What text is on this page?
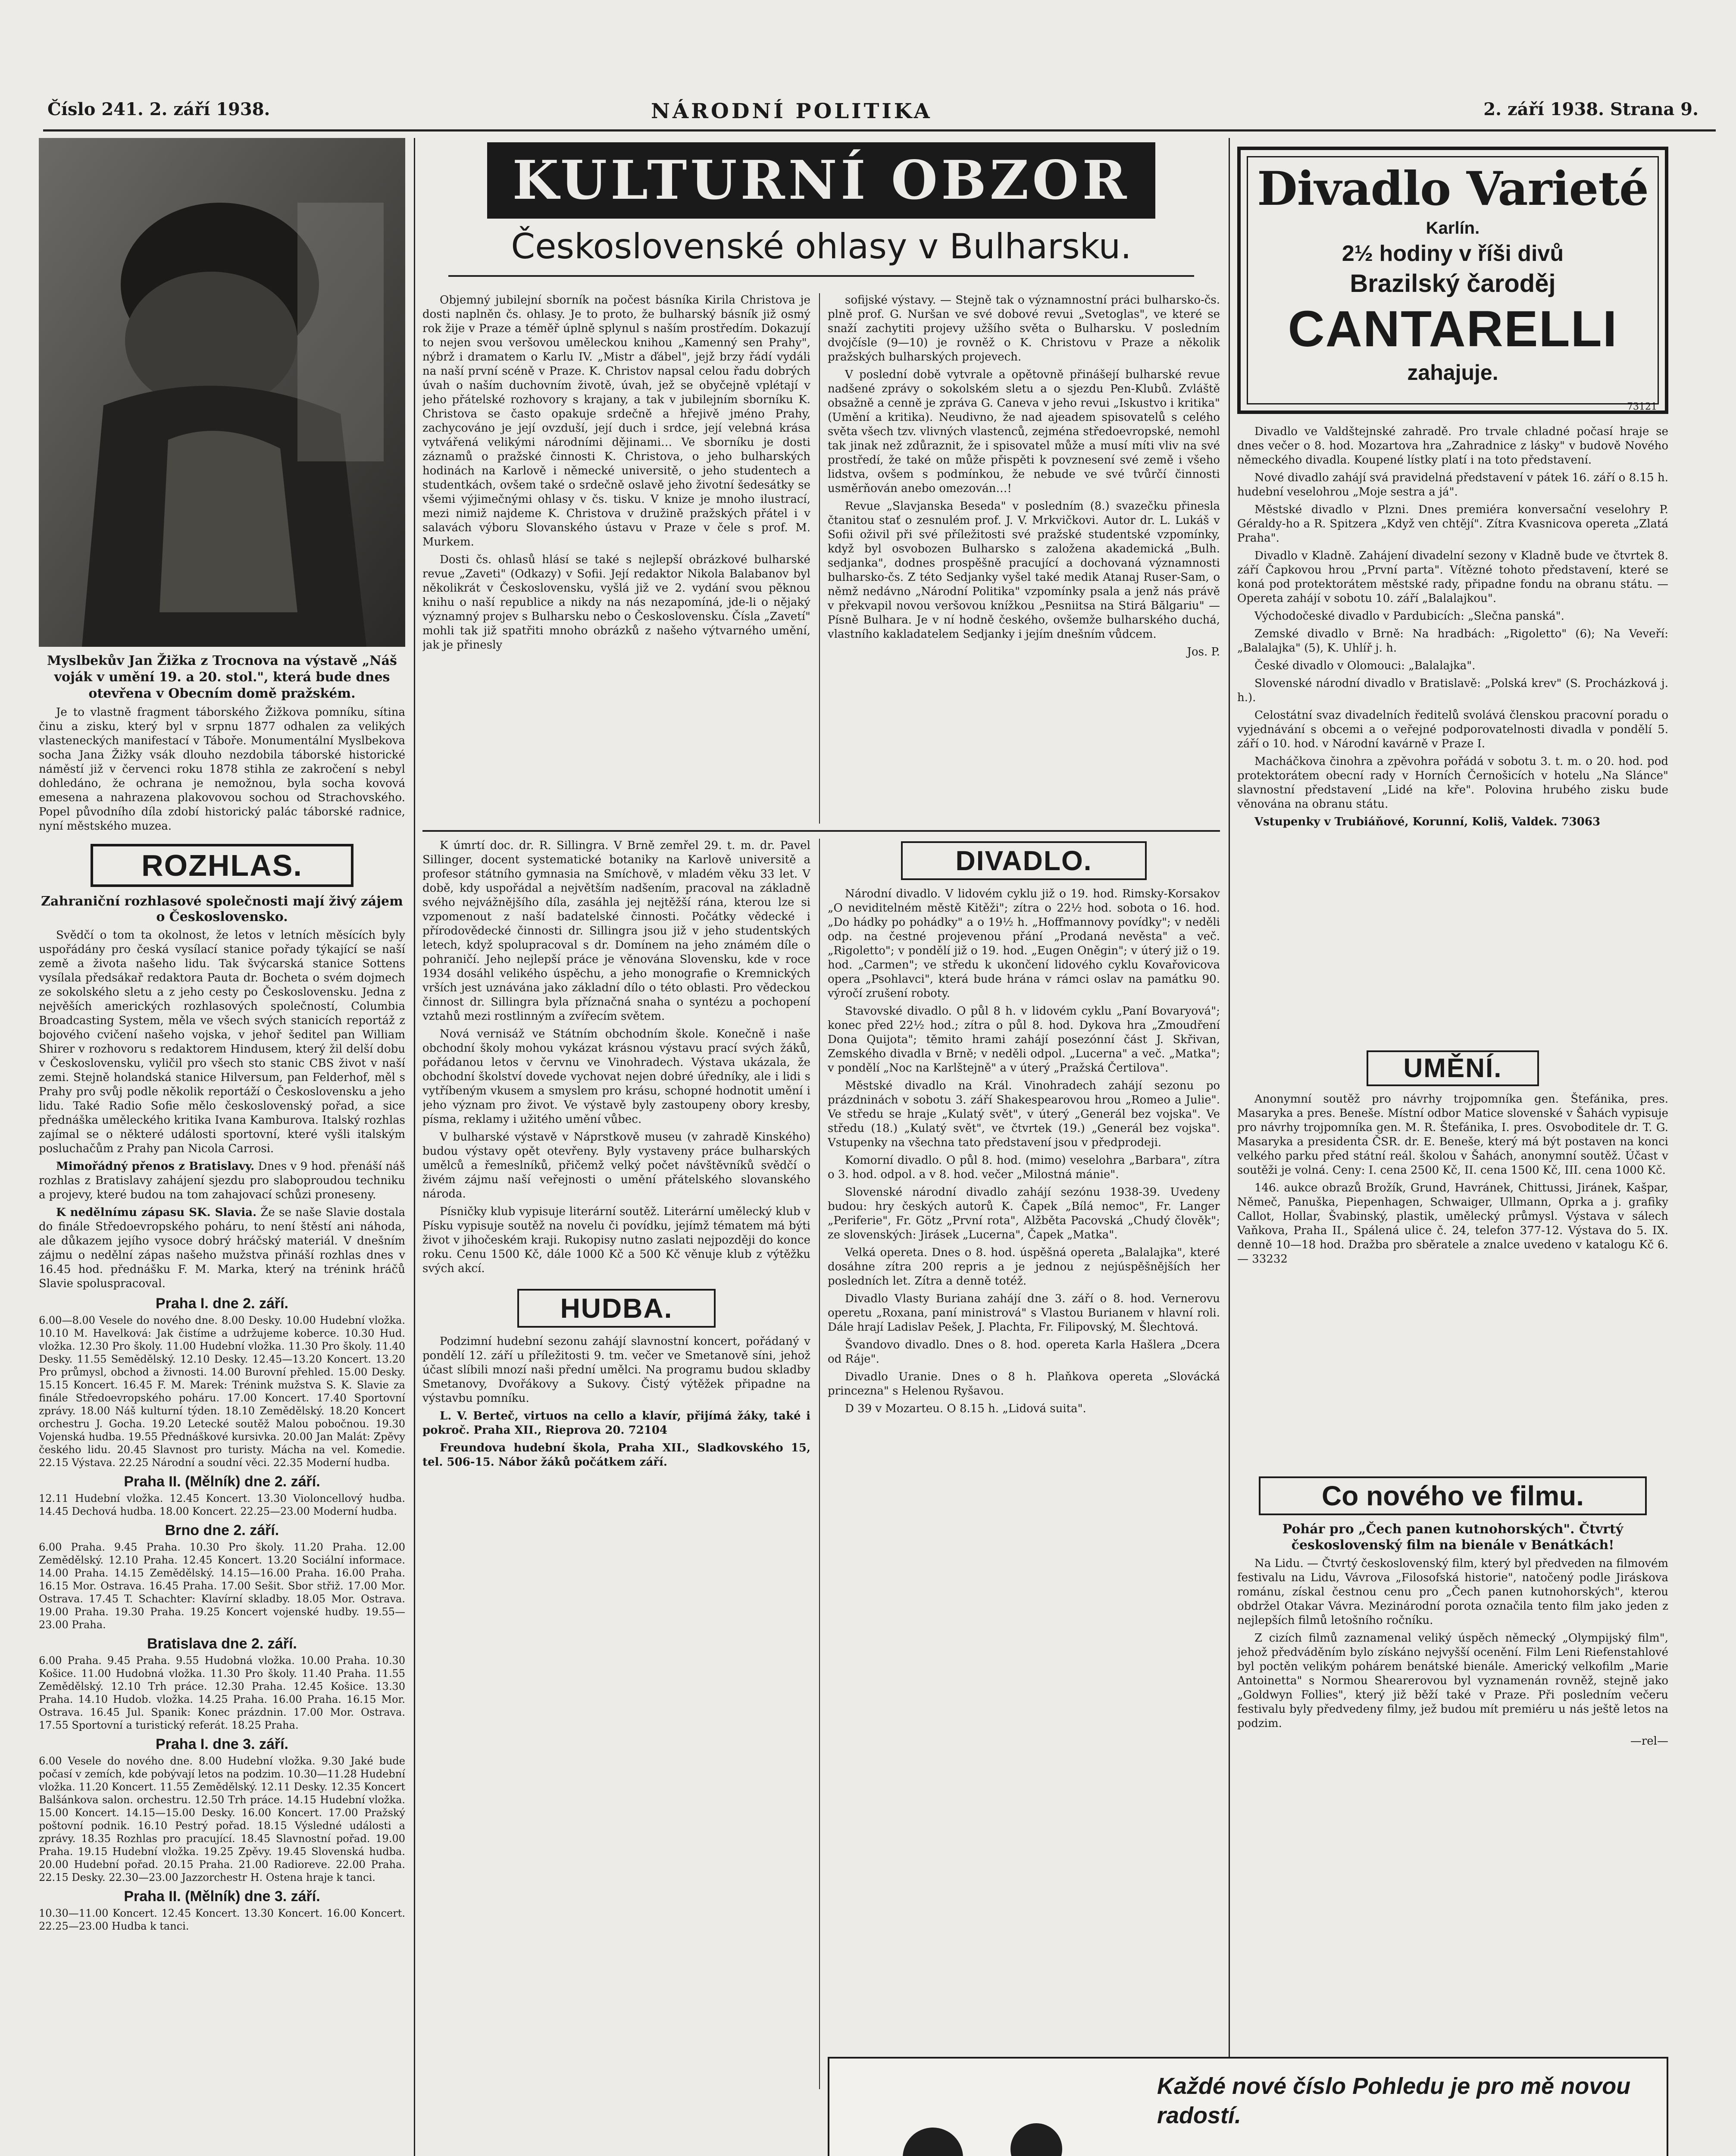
Číslo 241. 2. září 1938.	NÁRODNÍ POLITIKA	2. září 1938. Strana 9.
Myslbekův Jan Žižka z Trocnova na výstavě „Náš voják v umění 19. a 20. stol.", která bude dnes otevřena v Obecním domě pražském.

Je to vlastně fragment táborského Žižkova pomníku, sítina činu a zisku, který byl v srpnu 1877 odhalen za velikých vlasteneckých manifestací v Táboře. Monumentální Myslbekova socha Jana Žižky vsák dlouho nezdobila táborské historické náměstí již v červenci roku 1878 stihla ze zakročení s nebyl dohledáno, že ochrana je nemožnou, byla socha kovová emesena a nahrazena plakovovou sochou od Strachovského. Popel původního díla zdobí historický palác táborské radnice, nyní městského muzea.

ROZHLAS.
Zahraniční rozhlasové společnosti mají živý zájem o Československo.

Svědčí o tom ta okolnost, že letos v letních měsících byly uspořádány pro česká vysílací stanice pořady týkající se naší země a života našeho lidu. Tak švýcarská stanice Sottens vysílala předsákař redaktora Pauta dr. Bocheta o svém dojmech ze sokolského sletu a z jeho cesty po Československu. Jedna z nejvěších amerických rozhlasových společností, Columbia Broadcasting System, měla ve všech svých stanicích reportáž z bojového cvičení našeho vojska, v jehoř šeditel pan William Shirer v rozhovoru s redaktorem Hindusem, který žil delší dobu v Československu, vyličil pro všech sto stanic CBS život v naší zemi. Stejně holandská stanice Hilversum, pan Felderhof, měl s Prahy pro svůj podle několik reportáží o Československu a jeho lidu. Také Radio Sofie mělo československý pořad, a sice přednáška uměleckého kritika Ivana Kamburova. Italský rozhlas zajímal se o některé události sportovní, které vyšli italským posluchačům z Prahy pan Nicola Carrosi.

Mimořádný přenos z Bratislavy. Dnes v 9 hod. přenáší náš rozhlas z Bratislavy zahájení sjezdu pro slaboproudou techniku a projevy, které budou na tom zahajovací schůzi proneseny.

K nedělnímu zápasu SK. Slavia. Že se naše Slavie dostala do finále Středoevropského poháru, to není štěstí ani náhoda, ale důkazem jejího vysoce dobrý hráčský materiál. V dnešním zájmu o nedělní zápas našeho mužstva přináší rozhlas dnes v 16.45 hod. přednášku F. M. Marka, který na trénink hráčů Slavie spoluspracoval.

Praha I. dne 2. září.

6.00—8.00 Vesele do nového dne. 8.00 Desky. 10.00 Hudební vložka. 10.10 M. Havelková: Jak čistíme a udržujeme koberce. 10.30 Hud. vložka. 12.30 Pro školy. 11.00 Hudební vložka. 11.30 Pro školy. 11.40 Desky. 11.55 Semědělský. 12.10 Desky. 12.45—13.20 Koncert. 13.20 Pro průmysl, obchod a živnosti. 14.00 Burovní přehled. 15.00 Desky. 15.15 Koncert. 16.45 F. M. Marek: Trénink mužstva S. K. Slavie za finále Středoevropského poháru. 17.00 Koncert. 17.40 Sportovní zprávy. 18.00 Náš kulturní týden. 18.10 Zemědělský. 18.20 Koncert orchestru J. Gocha. 19.20 Letecké soutěž Malou pobočnou. 19.30 Vojenská hudba. 19.55 Přednáškové kursivka. 20.00 Jan Malát: Zpěvy českého lidu. 20.45 Slavnost pro turisty. Mácha na vel. Komedie. 22.15 Výstava. 22.25 Národní a soudní věci. 22.35 Moderní hudba.

Praha II. (Mělník) dne 2. září.

12.11 Hudební vložka. 12.45 Koncert. 13.30 Violoncellový hudba. 14.45 Dechová hudba. 18.00 Koncert. 22.25—23.00 Moderní hudba.

Brno dne 2. září.

6.00 Praha. 9.45 Praha. 10.30 Pro školy. 11.20 Praha. 12.00 Zemědělský. 12.10 Praha. 12.45 Koncert. 13.20 Sociální informace. 14.00 Praha. 14.15 Zemědělský. 14.15—16.00 Praha. 16.00 Praha. 16.15 Mor. Ostrava. 16.45 Praha. 17.00 Sešit. Sbor střiž. 17.00 Mor. Ostrava. 17.45 T. Schachter: Klavírní skladby. 18.05 Mor. Ostrava. 19.00 Praha. 19.30 Praha. 19.25 Koncert vojenské hudby. 19.55—23.00 Praha.

Bratislava dne 2. září.

6.00 Praha. 9.45 Praha. 9.55 Hudobná vložka. 10.00 Praha. 10.30 Košice. 11.00 Hudobná vložka. 11.30 Pro školy. 11.40 Praha. 11.55 Zemědělský. 12.10 Trh práce. 12.30 Praha. 12.45 Košice. 13.30 Praha. 14.10 Hudob. vložka. 14.25 Praha. 16.00 Praha. 16.15 Mor. Ostrava. 16.45 Jul. Spanik: Konec prázdnin. 17.00 Mor. Ostrava. 17.55 Sportovní a turistický referát. 18.25 Praha.

Praha I. dne 3. září.

6.00 Vesele do nového dne. 8.00 Hudební vložka. 9.30 Jaké bude počasí v zemích, kde pobývají letos na podzim. 10.30—11.28 Hudební vložka. 11.20 Koncert. 11.55 Zemědělský. 12.11 Desky. 12.35 Koncert Balšánkova salon. orchestru. 12.50 Trh práce. 14.15 Hudební vložka. 15.00 Koncert. 14.15—15.00 Desky. 16.00 Koncert. 17.00 Pražský poštovní podnik. 16.10 Pestrý pořad. 18.15 Výsledné události a zprávy. 18.35 Rozhlas pro pracující. 18.45 Slavnostní pořad. 19.00 Praha. 19.15 Hudební vložka. 19.25 Zpěvy. 19.45 Slovenská hudba. 20.00 Hudební pořad. 20.15 Praha. 21.00 Radioreve. 22.00 Praha. 22.15 Desky. 22.30—23.00 Jazzorchestr H. Ostena hraje k tanci.

Praha II. (Mělník) dne 3. září.

10.30—11.00 Koncert. 12.45 Koncert. 13.30 Koncert. 16.00 Koncert. 22.25—23.00 Hudba k tanci.

KULTURNÍ OBZOR
Československé ohlasy v Bulharsku.

Objemný jubilejní sborník na počest básníka Kirila Christova je dosti naplněn čs. ohlasy. Je to proto, že bulharský básník již osmý rok žije v Praze a téměř úplně splynul s naším prostředím. Dokazují to nejen svou veršovou uměleckou knihou „Kamenný sen Prahy", nýbrž i dramatem o Karlu IV. „Mistr a ďábel", jejž brzy řádí vydáli na naší první scéně v Praze. K. Christov napsal celou řadu dobrých úvah o naším duchovním životě, úvah, jež se obyčejně vplétají v jeho přátelské rozhovory s krajany, a tak v jubilejním sborníku K. Christova se často opakuje srdečně a hřejivě jméno Prahy, zachycováno je její ovzduší, její duch i srdce, její velebná krása vytvářená velikými národními dějinami… Ve sborníku je dosti záznamů o pražské činnosti K. Christova, o jeho bulharských hodinách na Karlově i německé universitě, o jeho studentech a studentkách, ovšem také o srdečně oslavě jeho životní šedesátky se všemi výjimečnými ohlasy v čs. tisku. V knize je mnoho ilustrací, mezi nimiž najdeme K. Christova v družině pražských přátel i v salavách výboru Slovanského ústavu v Praze v čele s prof. M. Murkem.

Dosti čs. ohlasů hlásí se také s nejlepší obrázkové bulharské revue „Zaveti" (Odkazy) v Sofii. Její redaktor Nikola Balabanov byl několikrát v Československu, vyšlá již ve 2. vydání svou pěknou knihu o naší republice a nikdy na nás nezapomíná, jde-li o nějaký významný projev s Bulharsku nebo o Československu. Čísla „Zavetí" mohli tak již spatřiti mnoho obrázků z našeho výtvarného umění, jak je přinesly

sofijské výstavy. — Stejně tak o významnostní práci bulharsko-čs. plně prof. G. Nuršan ve své dobové revui „Svetoglas", ve které se snaží zachytiti projevy užšího světa o Bulharsku. V posledním dvojčísle (9—10) je rovněž o K. Christovu v Praze a několik pražských bulharských projevech.

V poslední době vytvrale a opětovně přinášejí bulharské revue nadšené zprávy o sokolském sletu a o sjezdu Pen-Klubů. Zvláště obsažně a cenně je zpráva G. Caneva v jeho revui „Iskustvo i kritika" (Umění a kritika). Neudivno, že nad ajeadem spisovatelů s celého světa všech tzv. vlivných vlastenců, zejména středoevropské, nemohl tak jinak než zdůraznit, že i spisovatel může a musí míti vliv na své prostředí, že také on může přispěti k povznesení své země i všeho lidstva, ovšem s podmínkou, že nebude ve své tvůrčí činnosti usměrňován anebo omezován…!

Revue „Slavjanska Beseda" v posledním (8.) svazečku přinesla čtanitou stať o zesnulém prof. J. V. Mrkvičkovi. Autor dr. L. Lukáš v Sofii oživil při své příležitosti své pražské studentské vzpomínky, když byl osvobozen Bulharsko s založena akademická „Bulh. sedjanka", dodnes prospěšně pracující a dochovaná významnosti bulharsko-čs. Z této Sedjanky vyšel také medik Atanaj Ruser-Sam, o němž nedávno „Národní Politika" vzpomínky psala a jenž nás právě v překvapil novou veršovou knížkou „Pesniitsa na Stirá Bălgariu" — Písně Bulhara. Je v ní hodně českého, ovšemže bulharského duchá, vlastního kakladatelem Sedjanky i jejím dnešním vůdcem.

Jos. P.

K úmrtí doc. dr. R. Sillingra. V Brně zemřel 29. t. m. dr. Pavel Sillinger, docent systematické botaniky na Karlově universitě a profesor státního gymnasia na Smíchově, v mladém věku 33 let. V době, kdy uspořádal a největším nadšením, pracoval na základně svého nejvážnějšího díla, zasáhla jej nejtěžší rána, kterou lze si vzpomenout z naší badatelské činnosti. Počátky vědecké i přírodovědecké činnosti dr. Sillingra jsou již v jeho studentských letech, když spolupracoval s dr. Domínem na jeho známém díle o pohraničí. Jeho nejlepší práce je věnována Slovensku, kde v roce 1934 dosáhl velikého úspěchu, a jeho monografie o Kremnických vrších jest uznávána jako základní dílo o této oblasti. Pro vědeckou činnost dr. Sillingra byla příznačná snaha o syntézu a pochopení vztahů mezi rostlinným a zvířecím světem.

Nová vernisáž ve Státním obchodním škole. Konečně i naše obchodní školy mohou vykázat krásnou výstavu prací svých žáků, pořádanou letos v červnu ve Vinohradech. Výstava ukázala, že obchodní školství dovede vychovat nejen dobré úředníky, ale i lidi s vytříbeným vkusem a smyslem pro krásu, schopné hodnotit umění i jeho význam pro život. Ve výstavě byly zastoupeny obory kresby, písma, reklamy i užitého umění vůbec.

V bulharské výstavě v Náprstkově museu (v zahradě Kinského) budou výstavy opět otevřeny. Byly vystaveny práce bulharských umělců a řemeslníků, přičemž velký počet návštěvníků svědčí o živém zájmu naší veřejnosti o umění přátelského slovanského národa.

Písničky klub vypisuje literární soutěž. Literární umělecký klub v Písku vypisuje soutěž na novelu či povídku, jejímž tématem má býti život v jihočeském kraji. Rukopisy nutno zaslati nejpozději do konce roku. Cenu 1500 Kč, dále 1000 Kč a 500 Kč věnuje klub z výtěžku svých akcí.

HUDBA.

Podzimní hudební sezonu zahájí slavnostní koncert, pořádaný v pondělí 12. září u příležitosti 9. tm. večer ve Smetanově síni, jehož účast slíbili mnozí naši přední umělci. Na programu budou skladby Smetanovy, Dvořákovy a Sukovy. Čistý výtěžek připadne na výstavbu pomníku.

L. V. Berteč, virtuos na cello a klavír, přijímá žáky, také i pokroč. Praha XII., Rieprova 20. 72104

Freundova hudební škola, Praha XII., Sladkovského 15, tel. 506-15. Nábor žáků počátkem září.

DIVADLO.

Národní divadlo. V lidovém cyklu již o 19. hod. Rimsky-Korsakov „O neviditelném městě Kitěži"; zítra o 22½ hod. sobota o 16. hod. „Do hádky po pohádky" a o 19½ h. „Hoffmannovy povídky"; v neděli odp. na čestné projevenou přání „Prodaná nevěsta" a več. „Rigoletto"; v pondělí již o 19. hod. „Eugen Oněgin"; v úterý již o 19. hod. „Carmen"; ve středu k ukončení lidového cyklu Kovařovicova opera „Psohlavci", která bude hrána v rámci oslav na památku 90. výročí zrušení roboty.

Stavovské divadlo. O půl 8 h. v lidovém cyklu „Paní Bovaryová"; konec před 22½ hod.; zítra o půl 8. hod. Dykova hra „Zmoudření Dona Quijota"; těmito hrami zahájí posezónní část J. Skřivan, Zemského divadla v Brně; v neděli odpol. „Lucerna" a več. „Matka"; v pondělí „Noc na Karlštejně" a v úterý „Pražská Čertilova".

Městské divadlo na Král. Vinohradech zahájí sezonu po prázdninách v sobotu 3. září Shakespearovou hrou „Romeo a Julie". Ve středu se hraje „Kulatý svět", v úterý „Generál bez vojska". Ve středu (18.) „Kulatý svět", ve čtvrtek (19.) „Generál bez vojska". Vstupenky na všechna tato představení jsou v předprodeji.

Komorní divadlo. O půl 8. hod. (mimo) veselohra „Barbara", zítra o 3. hod. odpol. a v 8. hod. večer „Milostná mánie".

Slovenské národní divadlo zahájí sezónu 1938-39. Uvedeny budou: hry českých autorů K. Čapek „Bílá nemoc", Fr. Langer „Periferie", Fr. Götz „První rota", Alžběta Pacovská „Chudý člověk"; ze slovenských: Jirásek „Lucerna", Čapek „Matka".

Velká opereta. Dnes o 8. hod. úspěšná opereta „Balalajka", které dosáhne zítra 200 repris a je jednou z nejúspěšnějších her posledních let. Zítra a denně totéž.

Divadlo Vlasty Buriana zahájí dne 3. září o 8. hod. Vernerovu operetu „Roxana, paní ministrová" s Vlastou Burianem v hlavní roli. Dále hrají Ladislav Pešek, J. Plachta, Fr. Filipovský, M. Šlechtová.

Švandovo divadlo. Dnes o 8. hod. opereta Karla Hašlera „Dcera od Ráje".

Divadlo Uranie. Dnes o 8 h. Plaňkova opereta „Slovácká princezna" s Helenou Ryšavou.

D 39 v Mozarteu. O 8.15 h. „Lidová suita".

Divadlo Varieté
Karlín.
2½ hodiny v říši divů
Brazilský čaroděj
CANTARELLI
zahajuje.
73121

Divadlo ve Valdštejnské zahradě. Pro trvale chladné počasí hraje se dnes večer o 8. hod. Mozartova hra „Zahradnice z lásky" v budově Nového německého divadla. Koupené lístky platí i na toto představení.

Nové divadlo zahájí svá pravidelná představení v pátek 16. září o 8.15 h. hudební veselohrou „Moje sestra a já".

Městské divadlo v Plzni. Dnes premiéra konversační veselohry P. Géraldy-ho a R. Spitzera „Když ven chtějí". Zítra Kvasnicova opereta „Zlatá Praha".

Divadlo v Kladně. Zahájení divadelní sezony v Kladně bude ve čtvrtek 8. září Čapkovou hrou „První parta". Vítězné tohoto představení, které se koná pod protektorátem městské rady, připadne fondu na obranu státu. — Opereta zahájí v sobotu 10. září „Balalajkou".

Východočeské divadlo v Pardubicích: „Slečna panská".

Zemské divadlo v Brně: Na hradbách: „Rigoletto" (6); Na Veveří: „Balalajka" (5), K. Uhlíř j. h.

České divadlo v Olomouci: „Balalajka".

Slovenské národní divadlo v Bratislavě: „Polská krev" (S. Procházková j. h.).

Celostátní svaz divadelních ředitelů svolává členskou pracovní poradu o vyjednávání s obcemi a o veřejné podporovatelnosti divadla v pondělí 5. září o 10. hod. v Národní kavárně v Praze I.

Macháčkova činohra a zpěvohra pořádá v sobotu 3. t. m. o 20. hod. pod protektorátem obecní rady v Horních Černošicích v hotelu „Na Slánce" slavnostní představení „Lidé na kře". Polovina hrubého zisku bude věnována na obranu státu.

Vstupenky v Trubiáňové, Korunní, Koliš, Valdek. 73063

UMĚNÍ.

Anonymní soutěž pro návrhy trojpomníka gen. Štefánika, pres. Masaryka a pres. Beneše. Místní odbor Matice slovenské v Šahách vypisuje pro návrhy trojpomníka gen. M. R. Štefánika, I. pres. Osvoboditele dr. T. G. Masaryka a presidenta ČSR. dr. E. Beneše, který má být postaven na konci velkého parku před státní reál. školou v Šahách, anonymní soutěž. Účast v soutěži je volná. Ceny: I. cena 2500 Kč, II. cena 1500 Kč, III. cena 1000 Kč.

146. aukce obrazů Brožík, Grund, Havránek, Chittussi, Jiránek, Kašpar, Němeč, Panuška, Piepenhagen, Schwaiger, Ullmann, Oprka a j. grafiky Callot, Hollar, Švabinský, plastik, umělecký průmysl. Výstava v sálech Vaňkova, Praha II., Spálená ulice č. 24, telefon 377-12. Výstava do 5. IX. denně 10—18 hod. Dražba pro sběratele a znalce uvedeno v katalogu Kč 6.— 33232

Co nového ve filmu.
Pohár pro „Čech panen kutnohorských". Čtvrtý československý film na bienále v Benátkách!

Na Lidu. — Čtvrtý československý film, který byl předveden na filmovém festivalu na Lidu, Vávrova „Filosofská historie", natočený podle Jiráskova románu, získal čestnou cenu pro „Čech panen kutnohorských", kterou obdržel Otakar Vávra. Mezinárodní porota označila tento film jako jeden z nejlepších filmů letošního ročníku.

Z cizích filmů zaznamenal veliký úspěch německý „Olympijský film", jehož předváděním bylo získáno nejvyšší ocenění. Film Leni Riefenstahlové byl poctěn velikým pohárem benátské bienále. Americký velkofilm „Marie Antoinetta" s Normou Shearerovou byl vyznamenán rovněž, stejně jako „Goldwyn Follies", který již běží také v Praze. Při posledním večeru festivalu byly předvedeny filmy, jež budou mít premiéru u nás ještě letos na podzim.

—rel—

Každé nové číslo Pohledu je pro mě novou radostí.
